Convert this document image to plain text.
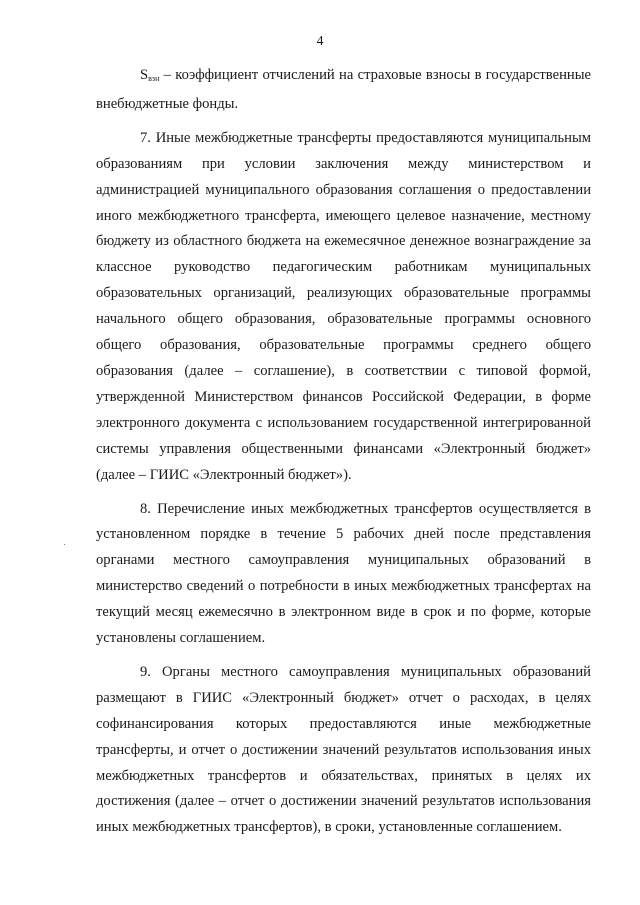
4

$S_{взн}$ – коэффициент отчислений на страховые взносы в государственные внебюджетные фонды.

7. Иные межбюджетные трансферты предоставляются муниципальным образованиям при условии заключения между министерством и администрацией муниципального образования соглашения о предоставлении иного межбюджетного трансферта, имеющего целевое назначение, местному бюджету из областного бюджета на ежемесячное денежное вознаграждение за классное руководство педагогическим работникам муниципальных образовательных организаций, реализующих образовательные программы начального общего образования, образовательные программы основного общего образования, образовательные программы среднего общего образования (далее – соглашение), в соответствии с типовой формой, утвержденной Министерством финансов Российской Федерации, в форме электронного документа с использованием государственной интегрированной системы управления общественными финансами «Электронный бюджет» (далее – ГИИС «Электронный бюджет»).

8. Перечисление иных межбюджетных трансфертов осуществляется в установленном порядке в течение 5 рабочих дней после представления органами местного самоуправления муниципальных образований в министерство сведений о потребности в иных межбюджетных трансфертах на текущий месяц ежемесячно в электронном виде в срок и по форме, которые установлены соглашением.

9. Органы местного самоуправления муниципальных образований размещают в ГИИС «Электронный бюджет» отчет о расходах, в целях софинансирования которых предоставляются иные межбюджетные трансферты, и отчет о достижении значений результатов использования иных межбюджетных трансфертов и обязательствах, принятых в целях их достижения (далее – отчет о достижении значений результатов использования иных межбюджетных трансфертов), в сроки, установленные соглашением.
